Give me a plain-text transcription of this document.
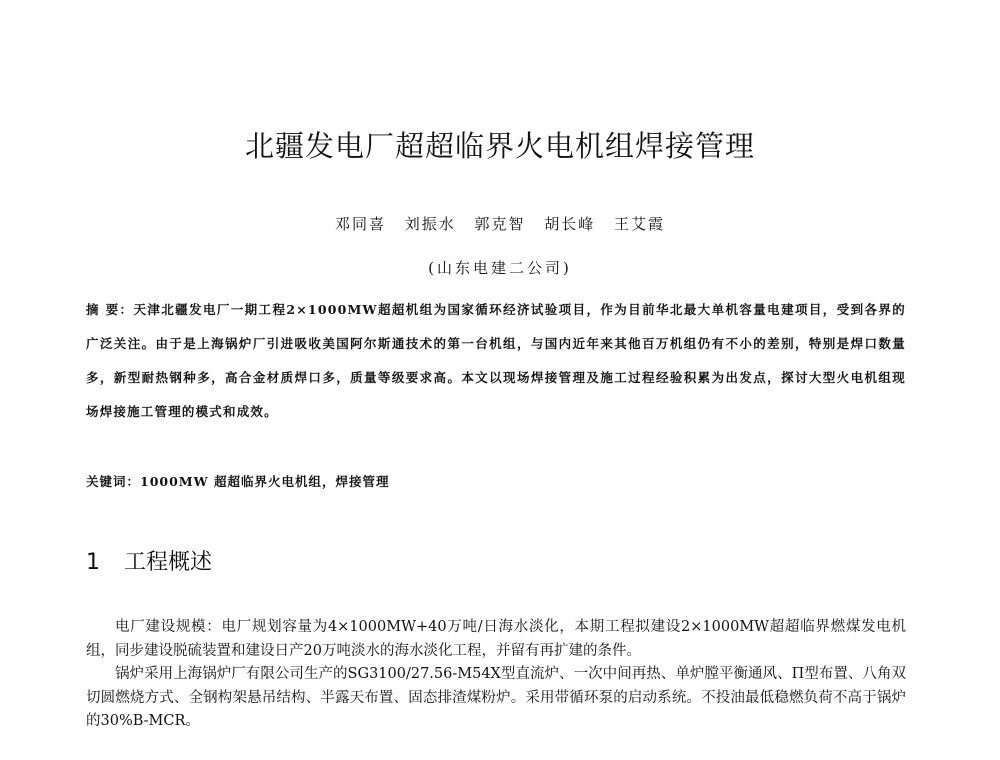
北疆发电厂超超临界火电机组焊接管理
邓同喜 刘振水 郭克智 胡长峰 王艾霞
(山东电建二公司)
摘 要：天津北疆发电厂一期工程2×1000MW超超机组为国家循环经济试验项目，作为目前华北最大单机容量电建项目，受到各界的广泛关注。由于是上海锅炉厂引进吸收美国阿尔斯通技术的第一台机组，与国内近年来其他百万机组仍有不小的差别，特别是焊口数量多，新型耐热钢种多，高合金材质焊口多，质量等级要求高。本文以现场焊接管理及施工过程经验积累为出发点，探讨大型火电机组现场焊接施工管理的模式和成效。
关键词：1000MW 超超临界火电机组，焊接管理
1 工程概述

电厂建设规模：电厂规划容量为4×1000MW+40万吨/日海水淡化，本期工程拟建设2×1000MW超超临界燃煤发电机组，同步建设脱硫装置和建设日产20万吨淡水的海水淡化工程，并留有再扩建的条件。

锅炉采用上海锅炉厂有限公司生产的SG3100/27.56-M54X型直流炉、一次中间再热、单炉膛平衡通风、Π型布置、八角双切圆燃烧方式、全钢构架悬吊结构、半露天布置、固态排渣煤粉炉。采用带循环泵的启动系统。不投油最低稳燃负荷不高于锅炉的30%B-MCR。
